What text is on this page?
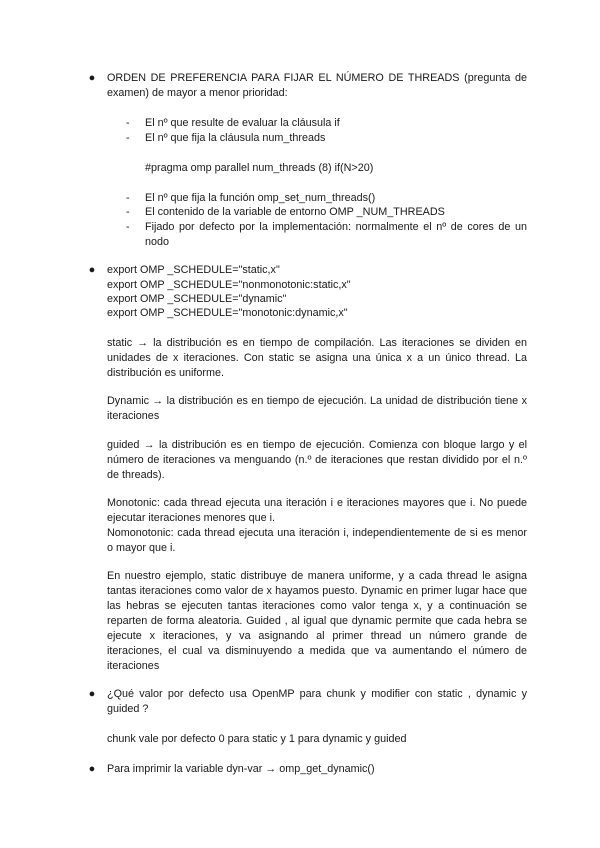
● ORDEN DE PREFERENCIA PARA FIJAR EL NÚMERO DE THREADS (pregunta de examen) de mayor a menor prioridad:

- El nº que resulte de evaluar la cláusula if
- El nº que fija la cláusula num_threads
#pragma omp parallel num_threads (8) if(N>20)
- El nº que fija la función omp_set_num_threads()
- El contenido de la variable de entorno OMP _NUM_THREADS
- Fijado por defecto por la implementación: normalmente el nº de cores de un nodo
● export OMP _SCHEDULE="static,x"
export OMP _SCHEDULE="nonmonotonic:static,x"
export OMP _SCHEDULE="dynamic"
export OMP _SCHEDULE="monotonic:dynamic,x"

static → la distribución es en tiempo de compilación. Las iteraciones se dividen en unidades de x iteraciones. Con static se asigna una única x a un único thread. La distribución es uniforme.

Dynamic → la distribución es en tiempo de ejecución. La unidad de distribución tiene x iteraciones

guided → la distribución es en tiempo de ejecución. Comienza con bloque largo y el número de iteraciones va menguando (n.º de iteraciones que restan dividido por el n.º de threads).

Monotonic: cada thread ejecuta una iteración i e iteraciones mayores que i. No puede ejecutar iteraciones menores que i.

Nomonotonic: cada thread ejecuta una iteración i, independientemente de si es menor o mayor que i.

En nuestro ejemplo, static distribuye de manera uniforme, y a cada thread le asigna tantas iteraciones como valor de x hayamos puesto. Dynamic en primer lugar hace que las hebras se ejecuten tantas iteraciones como valor tenga x, y a continuación se reparten de forma aleatoria. Guided , al igual que dynamic permite que cada hebra se ejecute x iteraciones, y va asignando al primer thread un número grande de iteraciones, el cual va disminuyendo a medida que va aumentando el número de iteraciones

● ¿Qué valor por defecto usa OpenMP para chunk y modifier con static , dynamic y guided ?

chunk vale por defecto 0 para static y 1 para dynamic y guided
● Para imprimir la variable dyn-var → omp_get_dynamic()
